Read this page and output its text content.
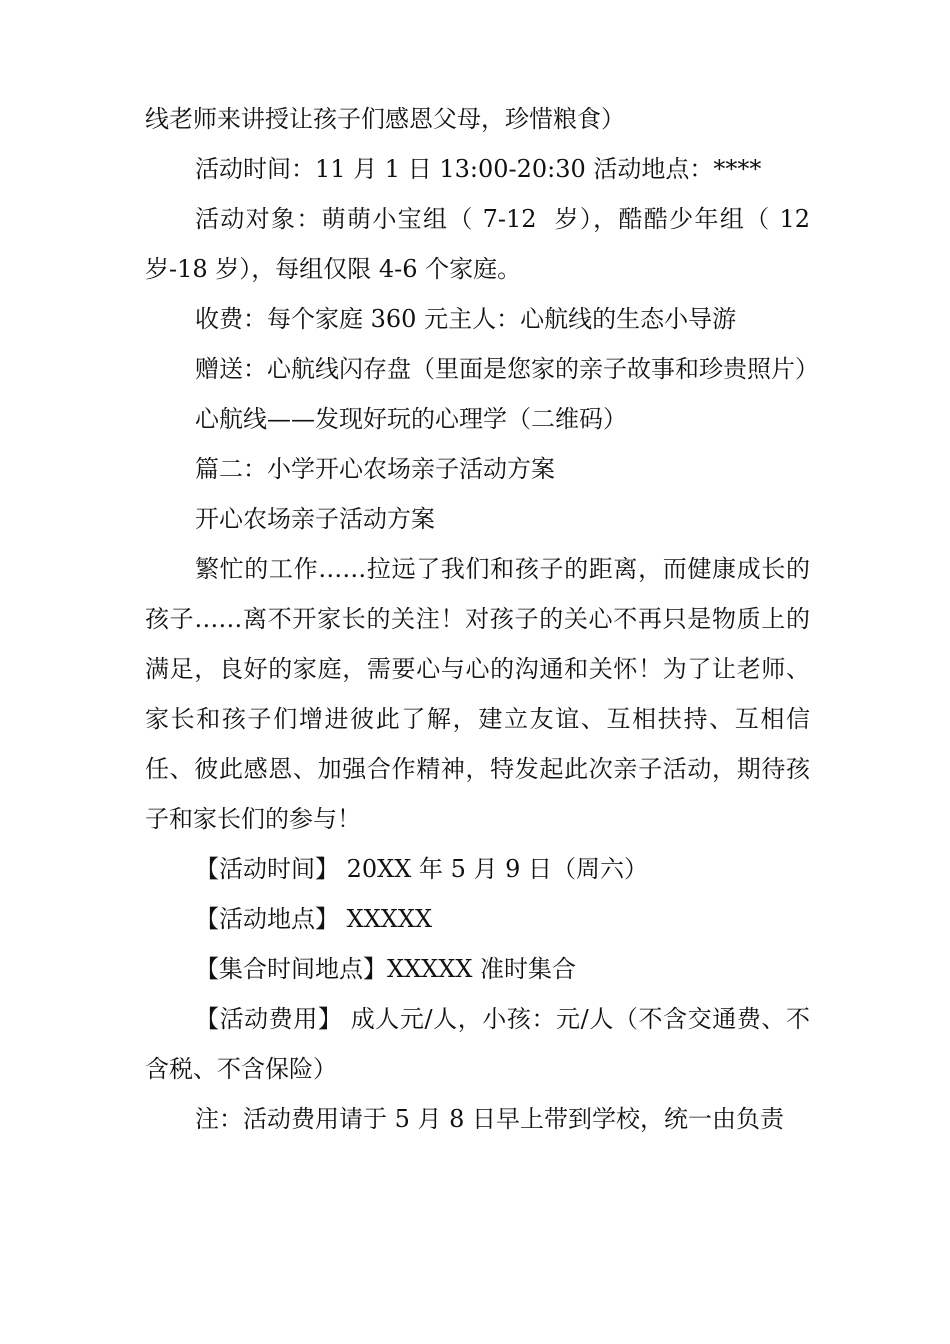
线老师来讲授让孩子们感恩父母，珍惜粮食）

活动时间：11 月 1 日 13:00-20:30 活动地点：****

活动对象：萌萌小宝组（ 7-12  岁），酷酷少年组（ 12 岁-18 岁），每组仅限 4-6 个家庭。

收费：每个家庭 360 元主人：心航线的生态小导游

赠送：心航线闪存盘（里面是您家的亲子故事和珍贵照片）

心航线——发现好玩的心理学（二维码）

篇二：小学开心农场亲子活动方案

开心农场亲子活动方案

繁忙的工作……拉远了我们和孩子的距离，而健康成长的孩子……离不开家长的关注！对孩子的关心不再只是物质上的满足，良好的家庭，需要心与心的沟通和关怀！为了让老师、家长和孩子们增进彼此了解，建立友谊、互相扶持、互相信任、彼此感恩、加强合作精神，特发起此次亲子活动，期待孩子和家长们的参与！

【活动时间】 20XX 年 5 月 9 日（周六）

【活动地点】 XXXXX

【集合时间地点】XXXXX 准时集合

【活动费用】 成人元/人，小孩：元/人（不含交通费、不含税、不含保险）

注：活动费用请于 5 月 8 日早上带到学校，统一由负责
